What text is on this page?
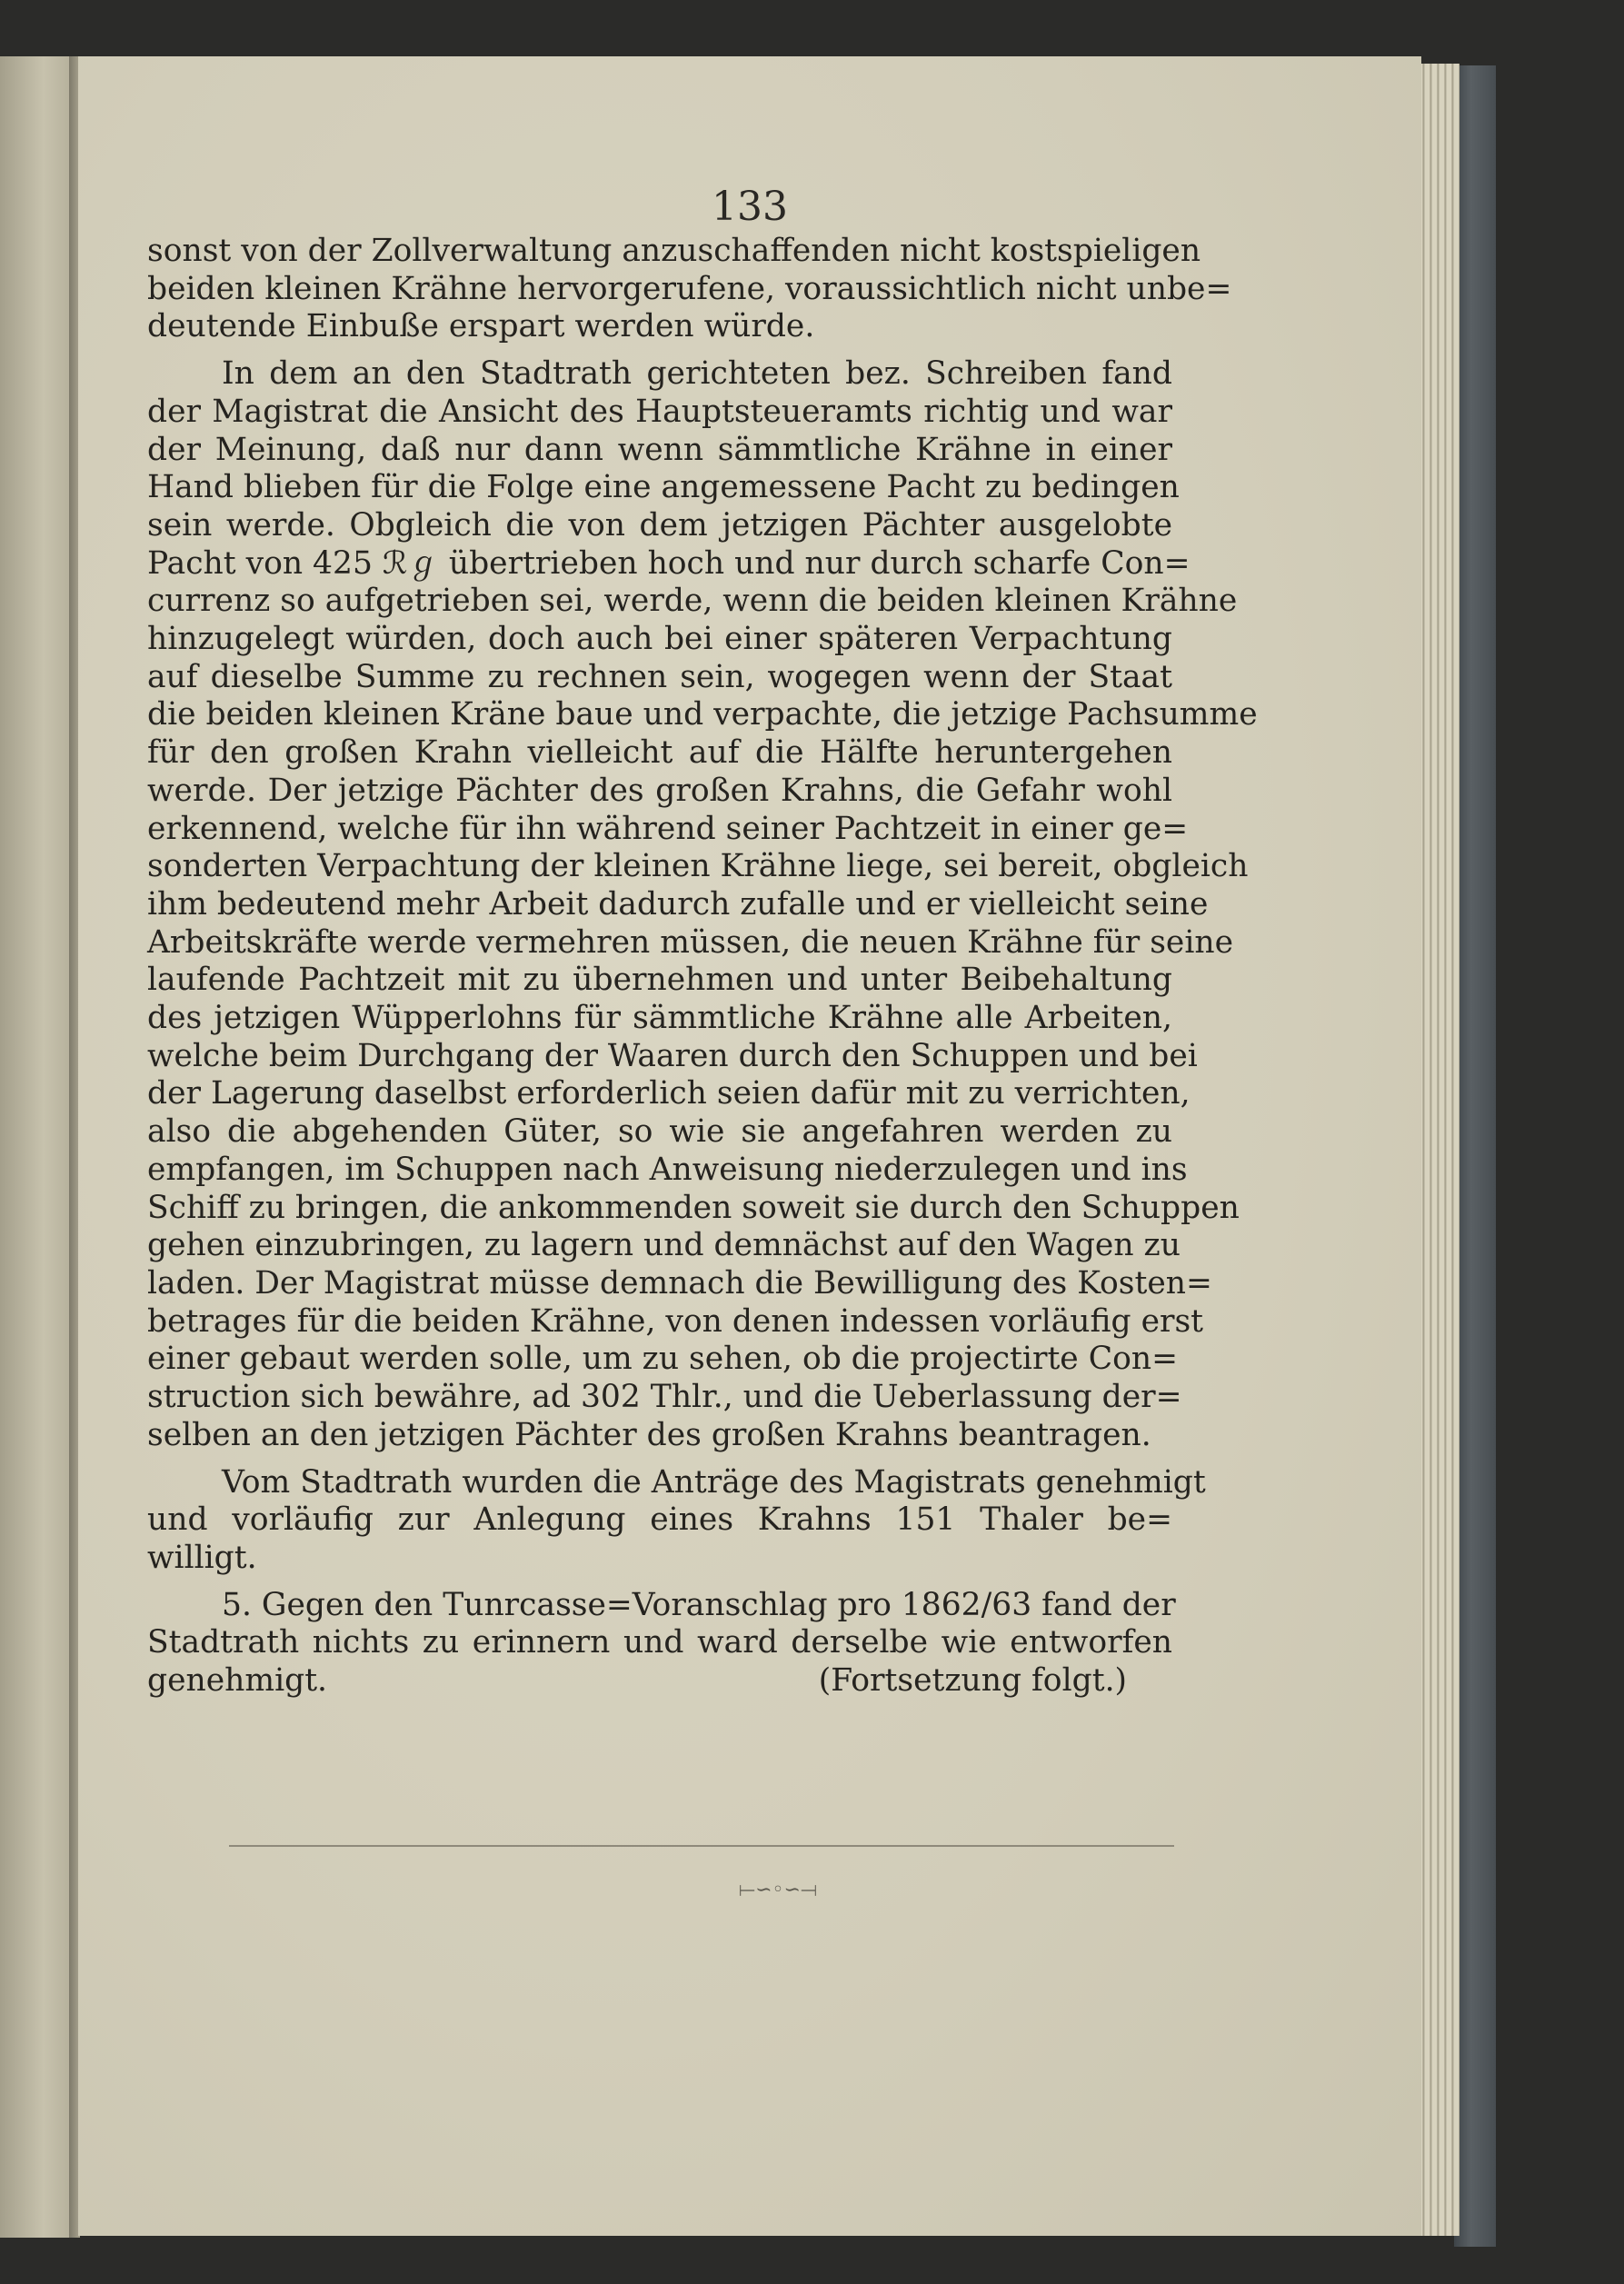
133
⟝∽◦∽⟞
sonst von der Zollverwaltung anzuschaffenden nicht kostspieligen
beiden kleinen Krähne hervorgerufene, voraussichtlich nicht unbe=
deutende Einbuße erspart werden würde.
In dem an den Stadtrath gerichteten bez. Schreiben fand
der Magistrat die Ansicht des Hauptsteueramts richtig und war
der Meinung, daß nur dann wenn sämmtliche Krähne in einer
Hand blieben für die Folge eine angemessene Pacht zu bedingen
sein werde. Obgleich die von dem jetzigen Pächter ausgelobte
Pacht von 425 ℛℊ übertrieben hoch und nur durch scharfe Con=
currenz so aufgetrieben sei, werde, wenn die beiden kleinen Krähne
hinzugelegt würden, doch auch bei einer späteren Verpachtung
auf dieselbe Summe zu rechnen sein, wogegen wenn der Staat
die beiden kleinen Kräne baue und verpachte, die jetzige Pachsumme
für den großen Krahn vielleicht auf die Hälfte heruntergehen
werde. Der jetzige Pächter des großen Krahns, die Gefahr wohl
erkennend, welche für ihn während seiner Pachtzeit in einer ge=
sonderten Verpachtung der kleinen Krähne liege, sei bereit, obgleich
ihm bedeutend mehr Arbeit dadurch zufalle und er vielleicht seine
Arbeitskräfte werde vermehren müssen, die neuen Krähne für seine
laufende Pachtzeit mit zu übernehmen und unter Beibehaltung
des jetzigen Wüpperlohns für sämmtliche Krähne alle Arbeiten,
welche beim Durchgang der Waaren durch den Schuppen und bei
der Lagerung daselbst erforderlich seien dafür mit zu verrichten,
also die abgehenden Güter, so wie sie angefahren werden zu
empfangen, im Schuppen nach Anweisung niederzulegen und ins
Schiff zu bringen, die ankommenden soweit sie durch den Schuppen
gehen einzubringen, zu lagern und demnächst auf den Wagen zu
laden. Der Magistrat müsse demnach die Bewilligung des Kosten=
betrages für die beiden Krähne, von denen indessen vorläufig erst
einer gebaut werden solle, um zu sehen, ob die projectirte Con=
struction sich bewähre, ad 302 Thlr., und die Ueberlassung der=
selben an den jetzigen Pächter des großen Krahns beantragen.
Vom Stadtrath wurden die Anträge des Magistrats genehmigt
und vorläufig zur Anlegung eines Krahns 151 Thaler be=
willigt.
5. Gegen den Tunrcasse=Voranschlag pro 1862/63 fand der
Stadtrath nichts zu erinnern und ward derselbe wie entworfen
genehmigt.	(Fortsetzung folgt.)
